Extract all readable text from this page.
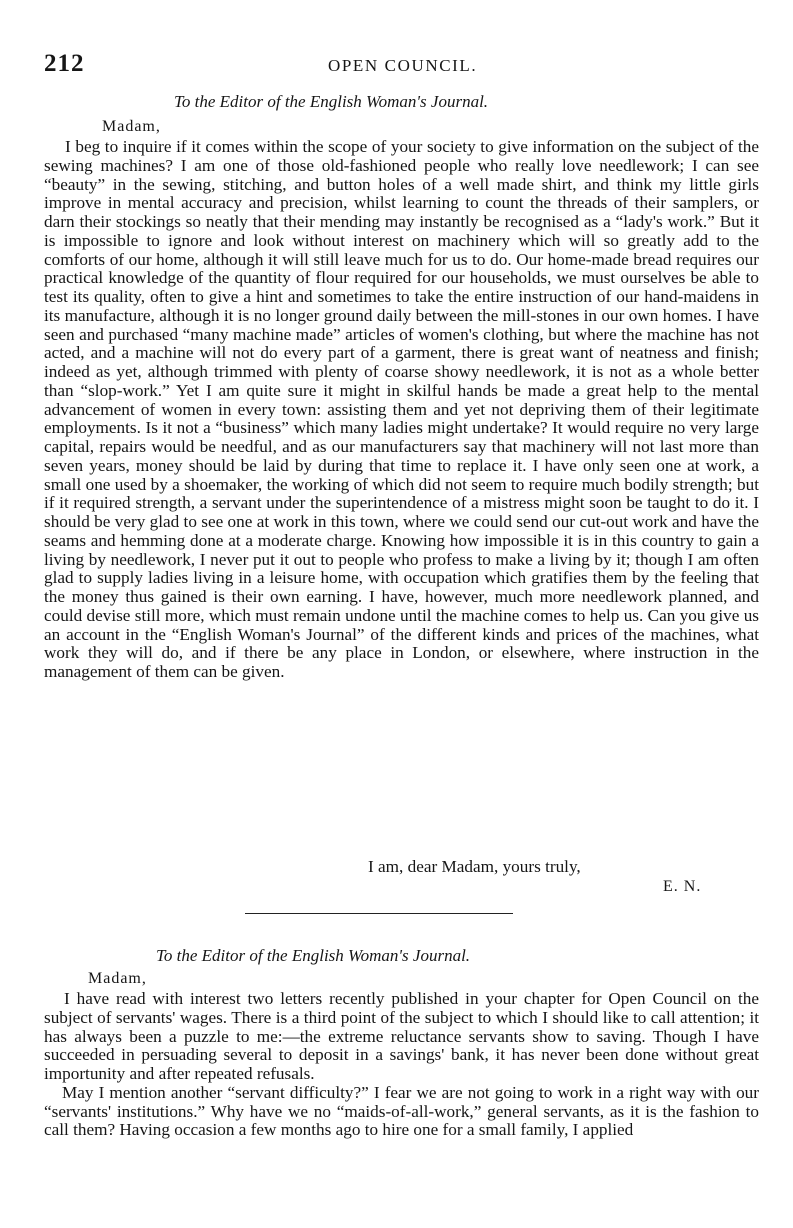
212	OPEN COUNCIL.
To the Editor of the English Woman's Journal.
Madam,

I beg to inquire if it comes within the scope of your society to give information on the subject of the sewing machines? I am one of those old-fashioned people who really love needlework; I can see “beauty” in the sewing, stitching, and button holes of a well made shirt, and think my little girls improve in mental accuracy and precision, whilst learning to count the threads of their samplers, or darn their stockings so neatly that their mending may instantly be recognised as a “lady's work.” But it is impossible to ignore and look without interest on machinery which will so greatly add to the comforts of our home, although it will still leave much for us to do. Our home-made bread requires our practical knowledge of the quantity of flour required for our households, we must ourselves be able to test its quality, often to give a hint and sometimes to take the entire instruction of our hand-maidens in its manufacture, although it is no longer ground daily between the mill-stones in our own homes. I have seen and purchased “many machine made” articles of women's clothing, but where the machine has not acted, and a machine will not do every part of a garment, there is great want of neatness and finish; indeed as yet, although trimmed with plenty of coarse showy needlework, it is not as a whole better than “slop-work.” Yet I am quite sure it might in skilful hands be made a great help to the mental advancement of women in every town: assisting them and yet not depriving them of their legitimate employments. Is it not a “business” which many ladies might undertake? It would require no very large capital, repairs would be needful, and as our manufacturers say that machinery will not last more than seven years, money should be laid by during that time to replace it. I have only seen one at work, a small one used by a shoemaker, the working of which did not seem to require much bodily strength; but if it required strength, a servant under the superintendence of a mistress might soon be taught to do it. I should be very glad to see one at work in this town, where we could send our cut-out work and have the seams and hemming done at a moderate charge. Knowing how impossible it is in this country to gain a living by needlework, I never put it out to people who profess to make a living by it; though I am often glad to supply ladies living in a leisure home, with occupation which gratifies them by the feeling that the money thus gained is their own earning. I have, however, much more needlework planned, and could devise still more, which must remain undone until the machine comes to help us. Can you give us an account in the “English Woman's Journal” of the different kinds and prices of the machines, what work they will do, and if there be any place in London, or elsewhere, where instruction in the management of them can be given.

I am, dear Madam, yours truly,
E. N.
To the Editor of the English Woman's Journal.
Madam,

I have read with interest two letters recently published in your chapter for Open Council on the subject of servants' wages. There is a third point of the subject to which I should like to call attention; it has always been a puzzle to me:—the extreme reluctance servants show to saving. Though I have succeeded in persuading several to deposit in a savings' bank, it has never been done without great importunity and after repeated refusals.

May I mention another “servant difficulty?” I fear we are not going to work in a right way with our “servants' institutions.” Why have we no “maids-of-all-work,” general servants, as it is the fashion to call them? Having occasion a few months ago to hire one for a small family, I applied
